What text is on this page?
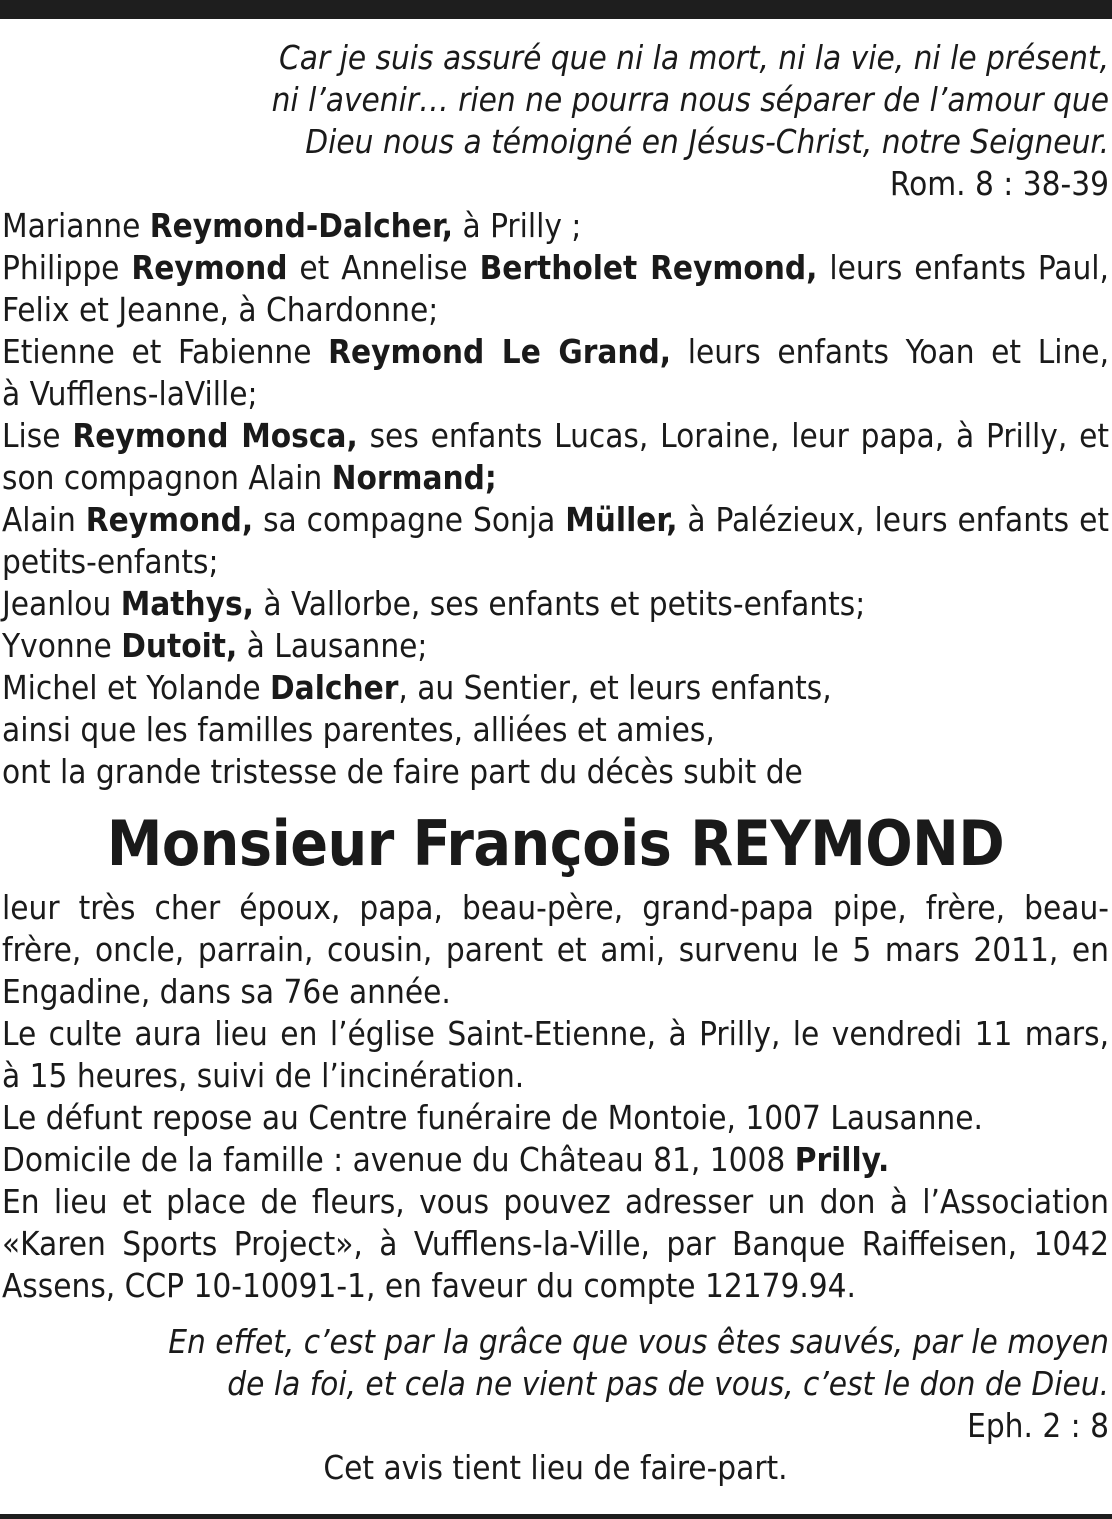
Car je suis assuré que ni la mort, ni la vie, ni le présent,
ni l’avenir… rien ne pourra nous séparer de l’amour que
Dieu nous a témoigné en Jésus-Christ, notre Seigneur.
Rom. 8 : 38-39
Marianne Reymond-Dalcher, à Prilly ;
Philippe Reymond et Annelise Bertholet Reymond, leurs enfants Paul,
Felix et Jeanne, à Chardonne;
Etienne et Fabienne Reymond Le Grand, leurs enfants Yoan et Line,
à Vufflens-laVille;
Lise Reymond Mosca, ses enfants Lucas, Loraine, leur papa, à Prilly, et
son compagnon Alain Normand;
Alain Reymond, sa compagne Sonja Müller, à Palézieux, leurs enfants et
petits-enfants;
Jeanlou Mathys, à Vallorbe, ses enfants et petits-enfants;
Yvonne Dutoit, à Lausanne;
Michel et Yolande Dalcher, au Sentier, et leurs enfants,
ainsi que les familles parentes, alliées et amies,
ont la grande tristesse de faire part du décès subit de
Monsieur François REYMOND
leur très cher époux, papa, beau-père, grand-papa pipe, frère, beau-
frère, oncle, parrain, cousin, parent et ami, survenu le 5 mars 2011, en
Engadine, dans sa 76e année.
Le culte aura lieu en l’église Saint-Etienne, à Prilly, le vendredi 11 mars,
à 15 heures, suivi de l’incinération.
Le défunt repose au Centre funéraire de Montoie, 1007 Lausanne.
Domicile de la famille : avenue du Château 81, 1008 Prilly.
En lieu et place de fleurs, vous pouvez adresser un don à l’Association
«Karen Sports Project», à Vufflens-la-Ville, par Banque Raiffeisen, 1042
Assens, CCP 10-10091-1, en faveur du compte 12179.94.
En effet, c’est par la grâce que vous êtes sauvés, par le moyen
de la foi, et cela ne vient pas de vous, c’est le don de Dieu.
Eph. 2 : 8
Cet avis tient lieu de faire-part.
